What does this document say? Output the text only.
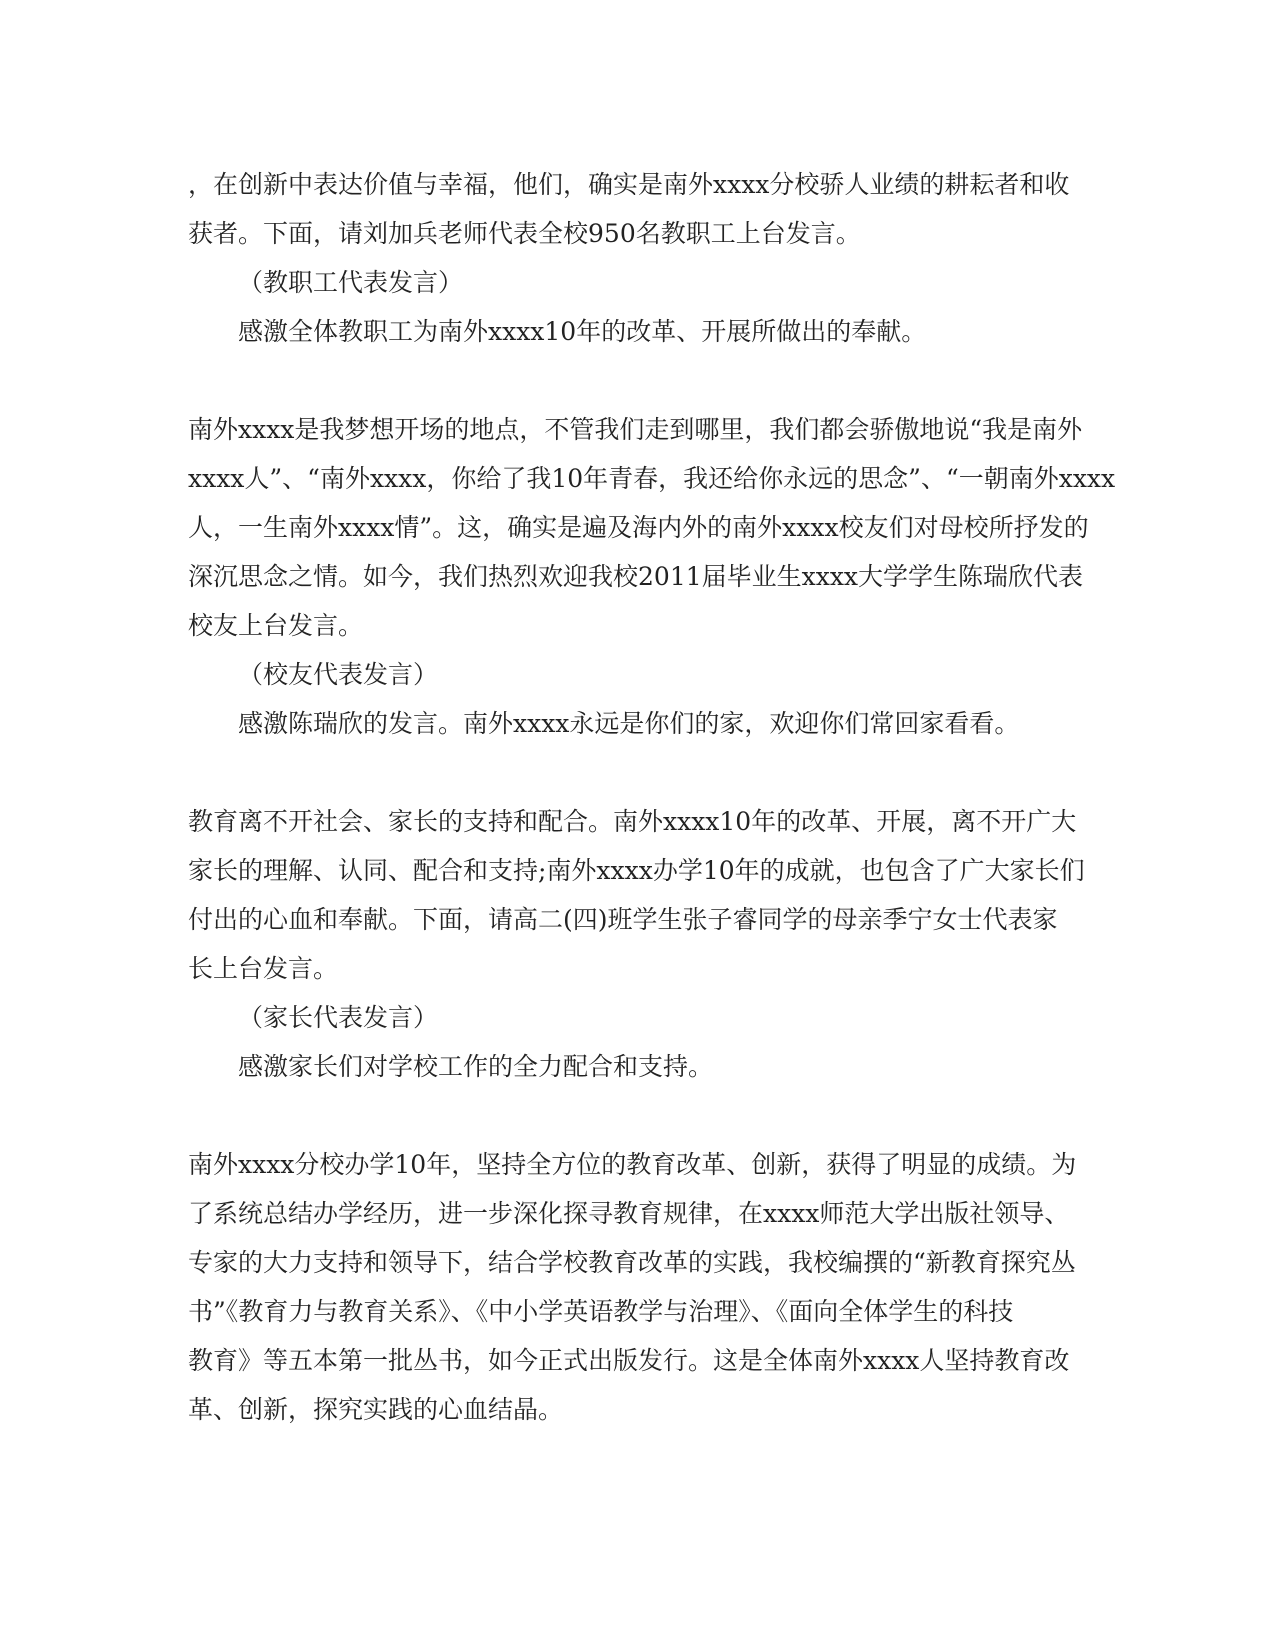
，在创新中表达价值与幸福，他们，确实是南外xxxx分校骄人业绩的耕耘者和收
获者。下面，请刘加兵老师代表全校950名教职工上台发言。
（教职工代表发言）
感激全体教职工为南外xxxx10年的改革、开展所做出的奉献。
南外xxxx是我梦想开场的地点，不管我们走到哪里，我们都会骄傲地说“我是南外
xxxx人”、“南外xxxx，你给了我10年青春，我还给你永远的思念”、“一朝南外xxxx
人，一生南外xxxx情”。这，确实是遍及海内外的南外xxxx校友们对母校所抒发的
深沉思念之情。如今，我们热烈欢迎我校2011届毕业生xxxx大学学生陈瑞欣代表
校友上台发言。
（校友代表发言）
感激陈瑞欣的发言。南外xxxx永远是你们的家，欢迎你们常回家看看。
教育离不开社会、家长的支持和配合。南外xxxx10年的改革、开展，离不开广大
家长的理解、认同、配合和支持;南外xxxx办学10年的成就，也包含了广大家长们
付出的心血和奉献。下面，请高二(四)班学生张子睿同学的母亲季宁女士代表家
长上台发言。
（家长代表发言）
感激家长们对学校工作的全力配合和支持。
南外xxxx分校办学10年，坚持全方位的教育改革、创新，获得了明显的成绩。为
了系统总结办学经历，进一步深化探寻教育规律，在xxxx师范大学出版社领导、
专家的大力支持和领导下，结合学校教育改革的实践，我校编撰的“新教育探究丛
书”《教育力与教育关系》、《中小学英语教学与治理》、《面向全体学生的科技
教育》等五本第一批丛书，如今正式出版发行。这是全体南外xxxx人坚持教育改
革、创新，探究实践的心血结晶。
